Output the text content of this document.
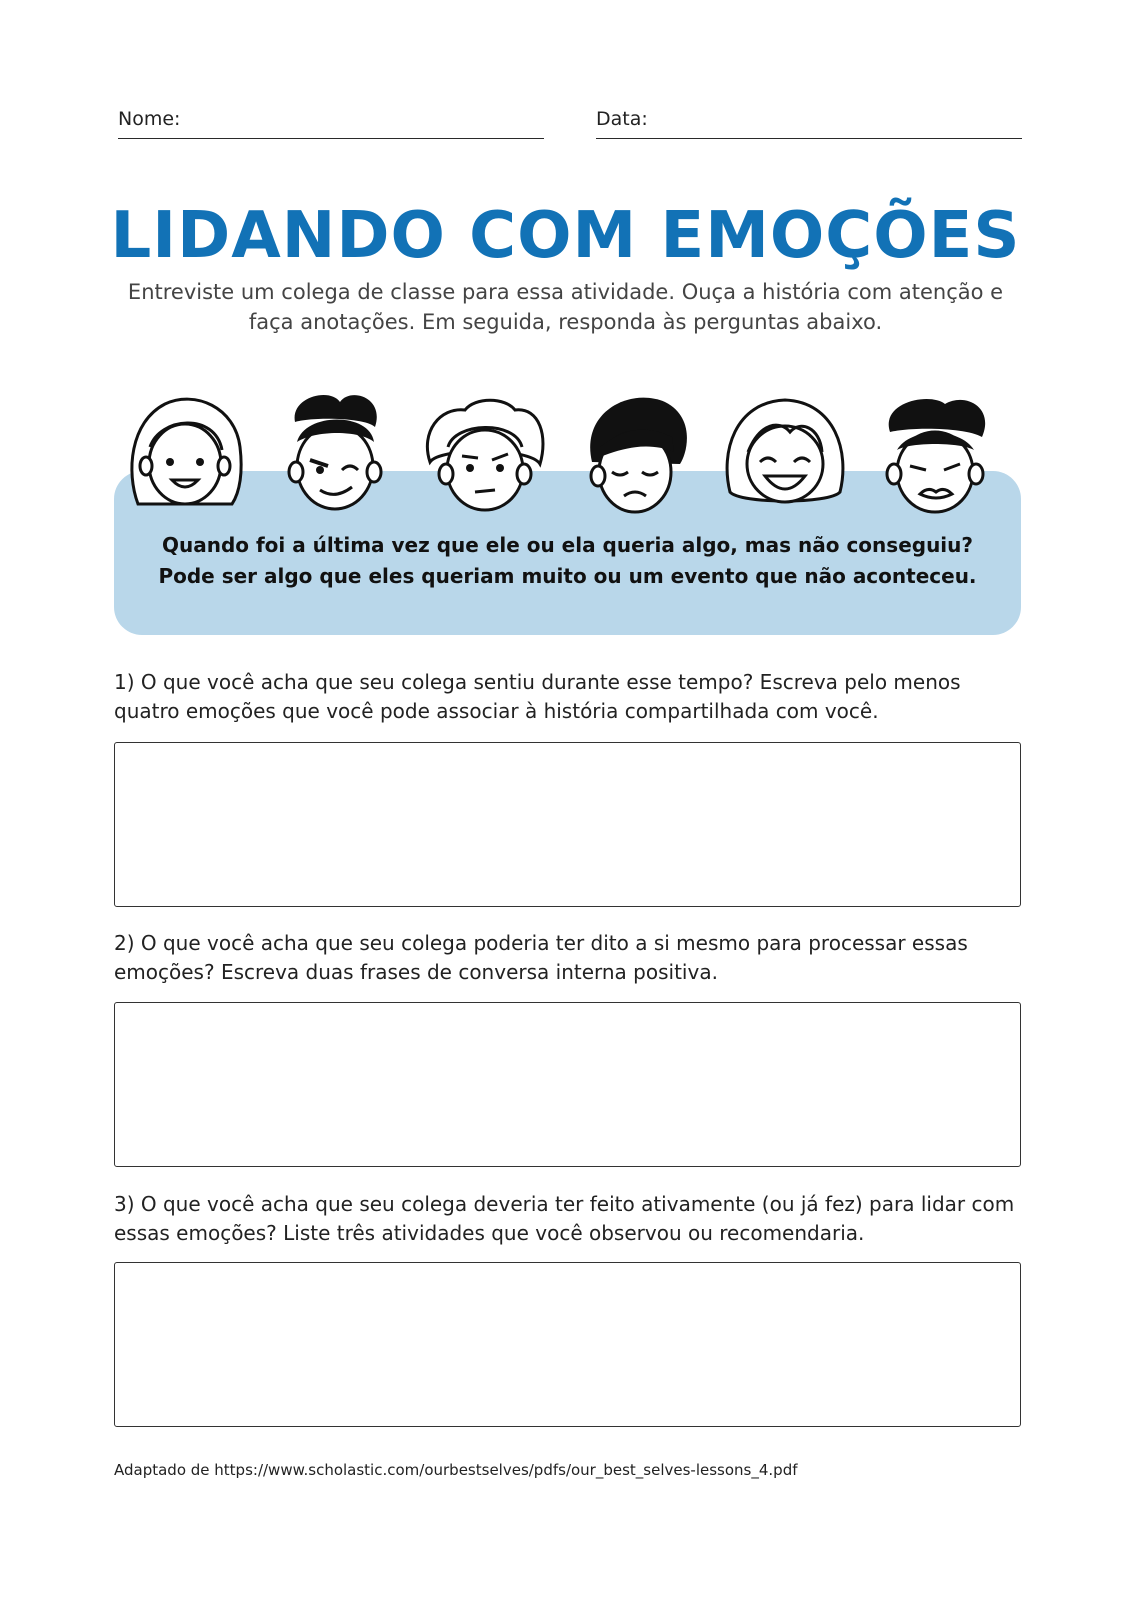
Nome:	Data:
LIDANDO COM EMOÇÕES
Entreviste um colega de classe para essa atividade. Ouça a história com atenção e faça anotações. Em seguida, responda às perguntas abaixo.
Quando foi a última vez que ele ou ela queria algo, mas não conseguiu?
Pode ser algo que eles queriam muito ou um evento que não aconteceu.
1) O que você acha que seu colega sentiu durante esse tempo? Escreva pelo menos quatro emoções que você pode associar à história compartilhada com você.
2) O que você acha que seu colega poderia ter dito a si mesmo para processar essas emoções? Escreva duas frases de conversa interna positiva.
3) O que você acha que seu colega deveria ter feito ativamente (ou já fez) para lidar com essas emoções? Liste três atividades que você observou ou recomendaria.
Adaptado de https://www.scholastic.com/ourbestselves/pdfs/our_best_selves-lessons_4.pdf
